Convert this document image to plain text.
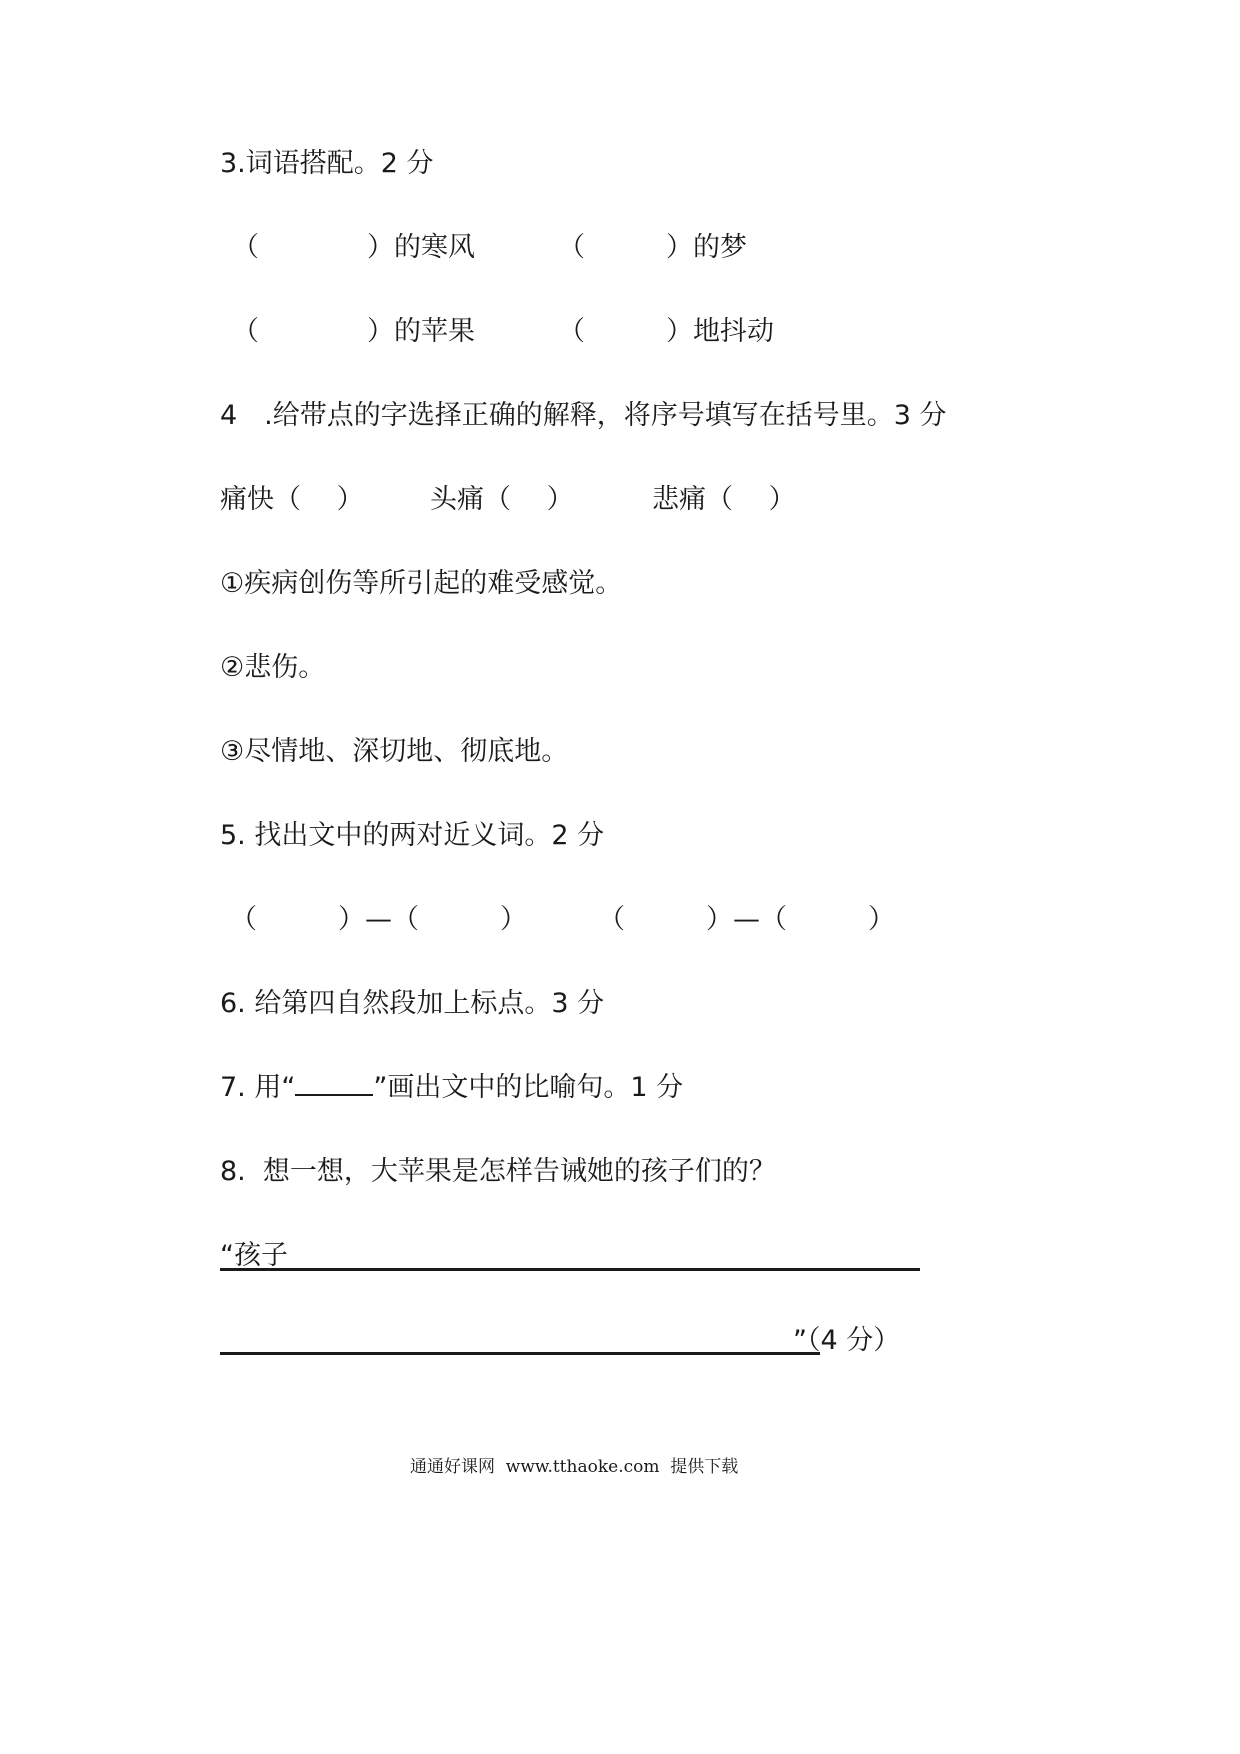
3.词语搭配。2 分
（　　　　）的寒风	（　　　）的梦
（　　　　）的苹果	（　　　）地抖动
4　.给带点的字选择正确的解释，将序号填写在括号里。3 分
痛快（　 ） 头痛（　 ）	悲痛（　 ）
①疾病创伤等所引起的难受感觉。
②悲伤。
③尽情地、深切地、彻底地。
5. 找出文中的两对近义词。2 分
（　　　）—（　　　）	（　　　）—（　　　）
6. 给第四自然段加上标点。3 分
7. 用“	”画出文中的比喻句。1 分
8.  想一想，大苹果是怎样告诫她的孩子们的？
“孩子
”（4 分）
通通好课网  www.tthaoke.com  提供下载
